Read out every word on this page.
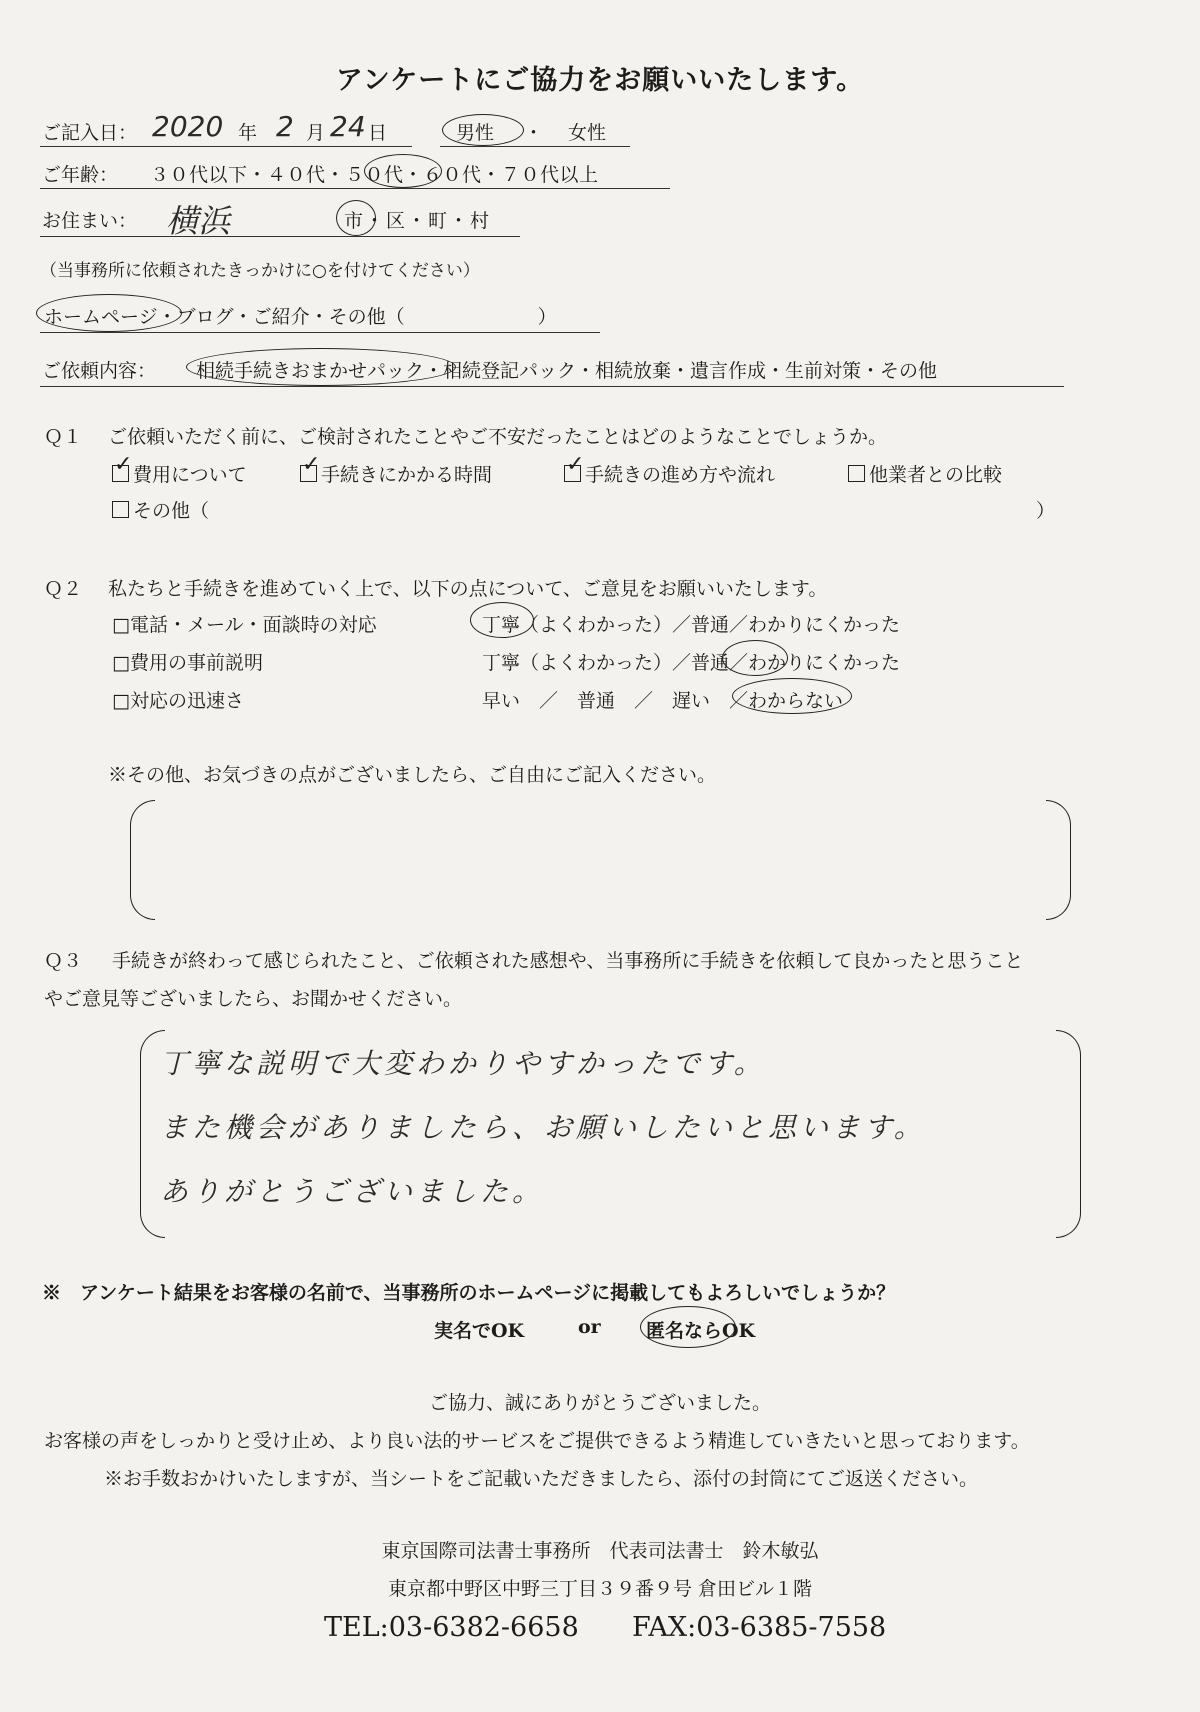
アンケートにご協力をお願いいたします。
ご記入日： 2020 年 2 月 24 日	男性 ・ 女性
ご年齢： ３０代以下・４０代・５０代・６０代・７０代以上
お住まい： 横浜	市・区・町・村
（当事務所に依頼されたきっかけに○を付けてください）
ホームページ・ブログ・ご紹介・その他（　　　　　　　）
ご依頼内容： 相続手続きおまかせパック・相続登記パック・相続放棄・遺言作成・生前対策・その他
Ｑ１ ご依頼いただく前に、ご検討されたことやご不安だったことはどのようなことでしょうか。
✓費用について ✓	手続きにかかる時間 ✓	手続きの進め方や流れ	他業者との比較
その他（	）
Ｑ２ 私たちと手続きを進めていく上で、以下の点について、ご意見をお願いいたします。
□電話・メール・面談時の対応	丁寧（よくわかった）／普通／わかりにくかった
□費用の事前説明	丁寧（よくわかった）／普通／わかりにくかった
□対応の迅速さ	早い　／　普通　／　遅い　／わからない
※その他、お気づきの点がございましたら、ご自由にご記入ください。
Ｑ３ 手続きが終わって感じられたこと、ご依頼された感想や、当事務所に手続きを依頼して良かったと思うこと
やご意見等ございましたら、お聞かせください。
丁寧な説明で大変わかりやすかったです。
また機会がありましたら、お願いしたいと思います。
ありがとうございました。
※　アンケート結果をお客様の名前で、当事務所のホームページに掲載してもよろしいでしょうか？
実名でOK	or 匿名ならOK
ご協力、誠にありがとうございました。
お客様の声をしっかりと受け止め、より良い法的サービスをご提供できるよう精進していきたいと思っております。
※お手数おかけいたしますが、当シートをご記載いただきましたら、添付の封筒にてご返送ください。
東京国際司法書士事務所　代表司法書士　鈴木敏弘
東京都中野区中野三丁目３９番９号 倉田ビル１階
TEL:03-6382-6658 FAX:03-6385-7558
